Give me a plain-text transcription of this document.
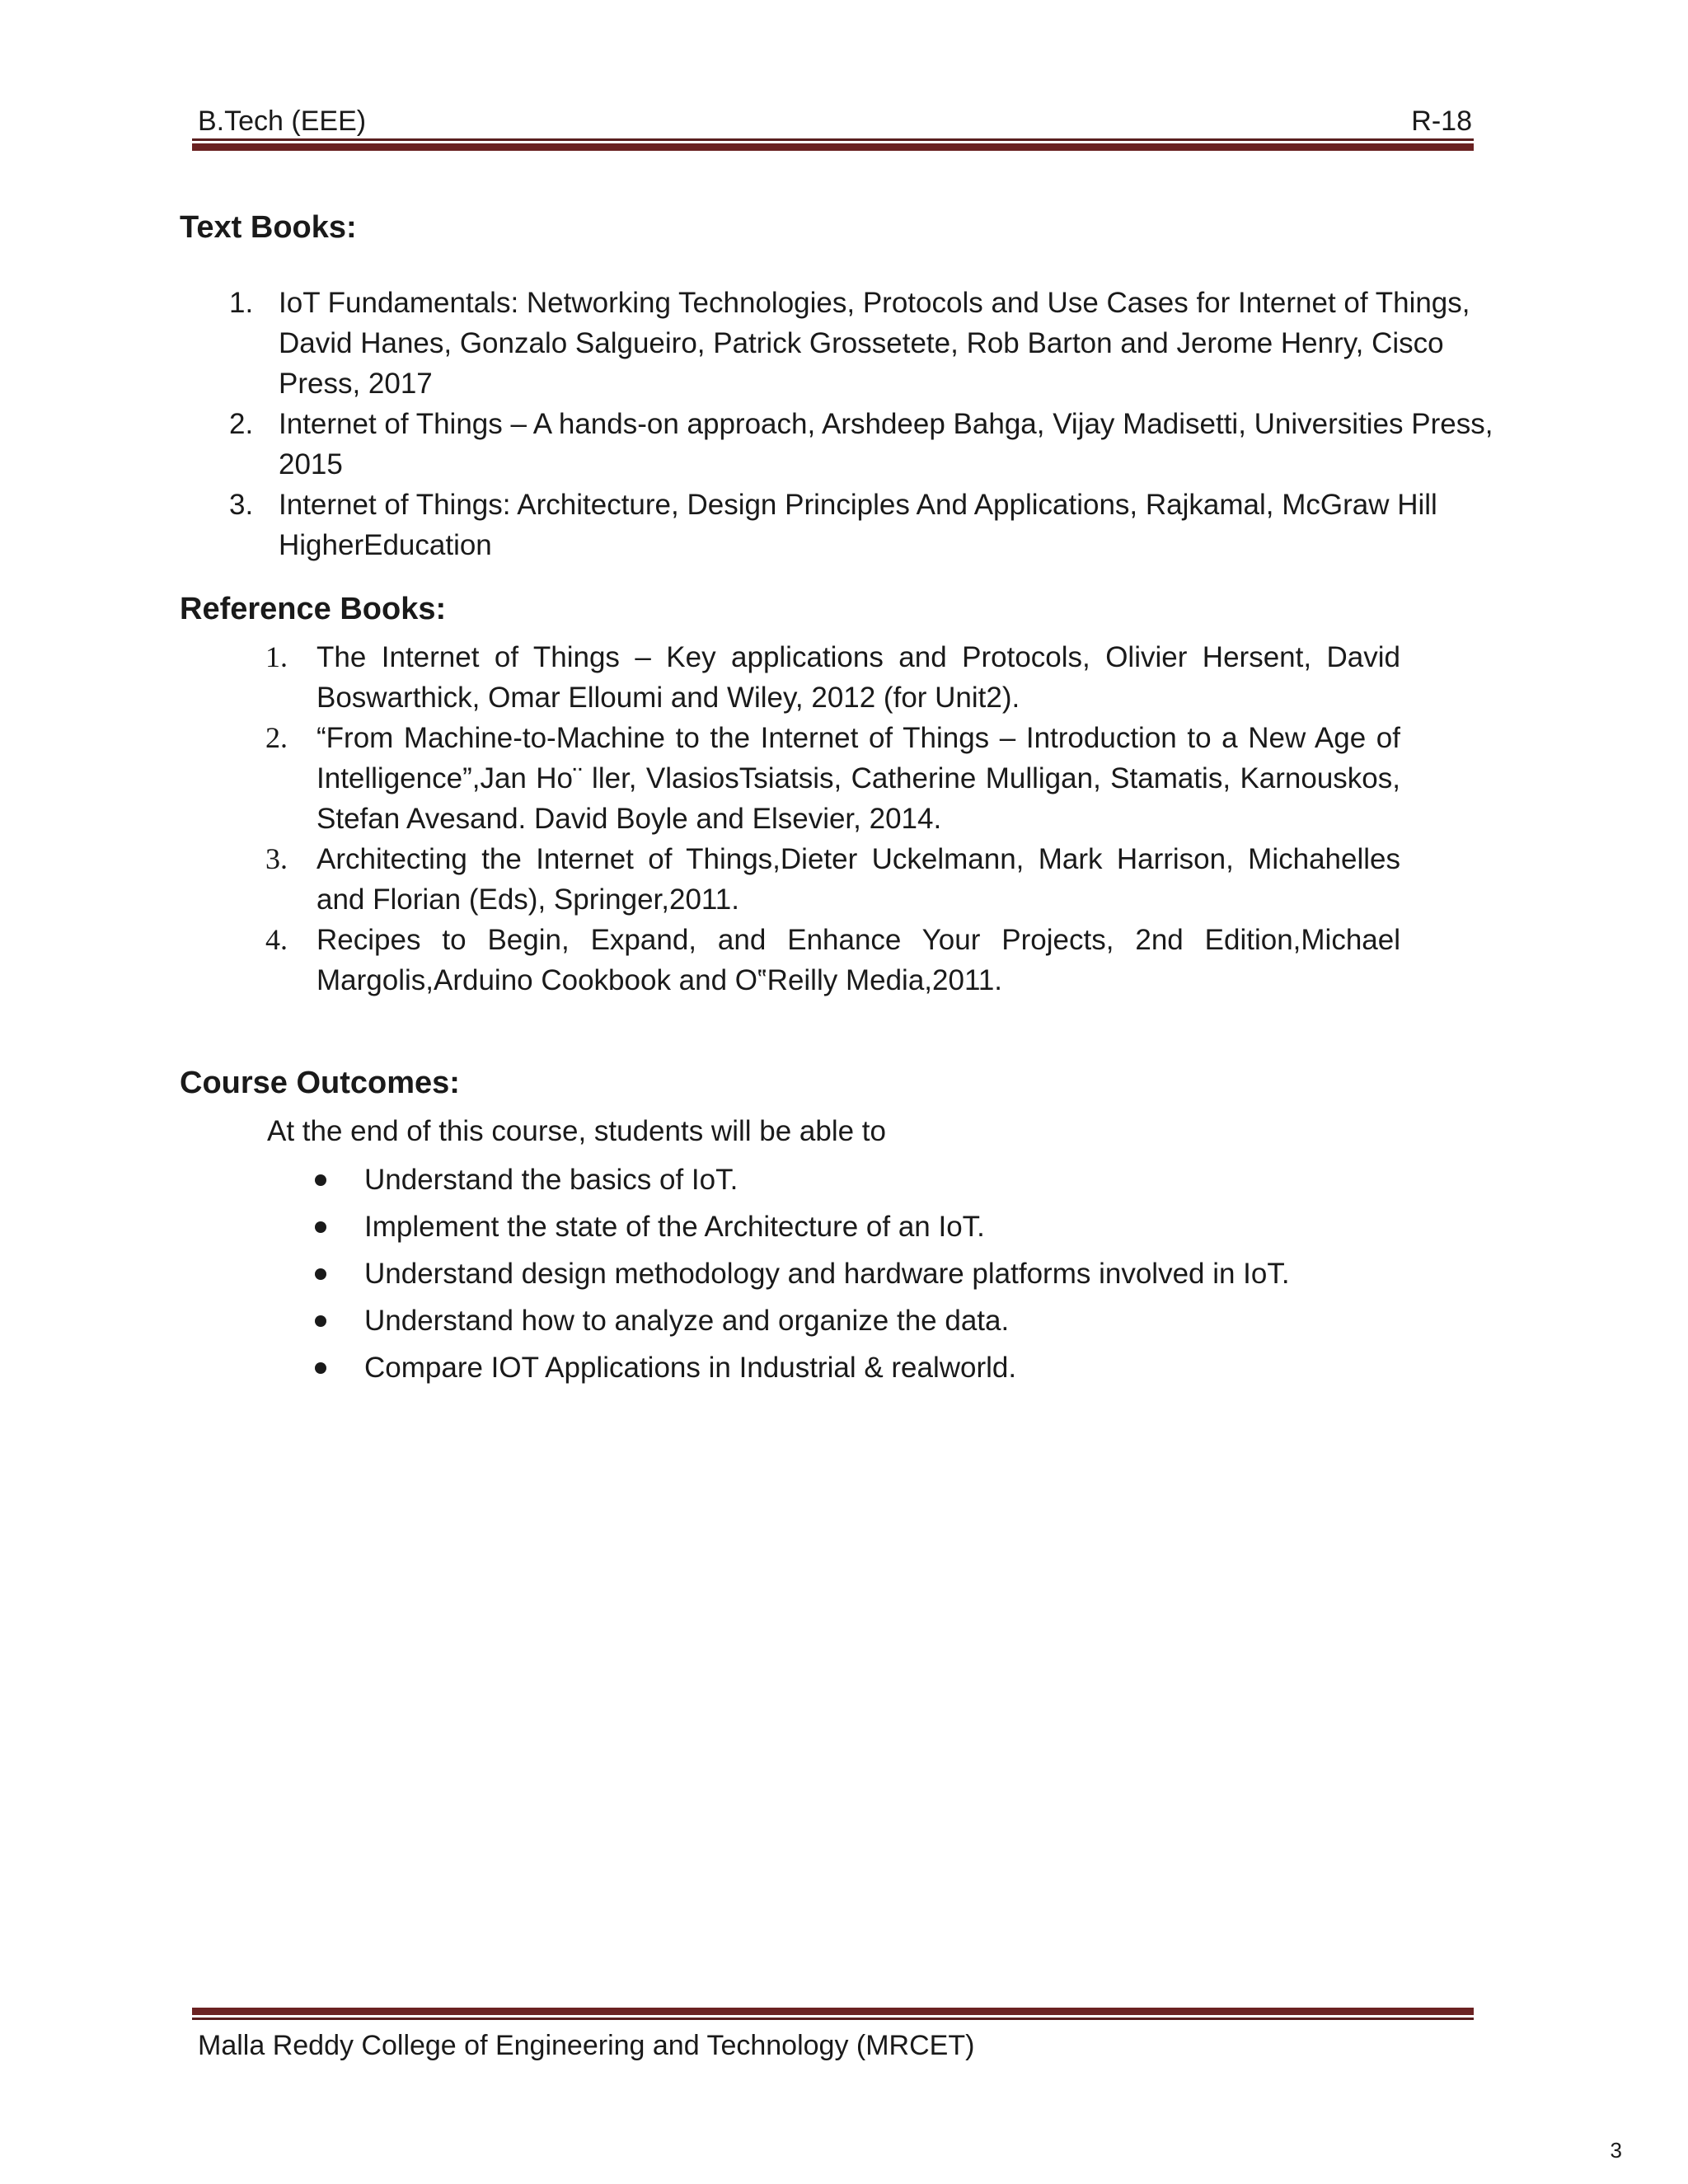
B.Tech (EEE)	R-18
Text Books:
1. IoT Fundamentals: Networking Technologies, Protocols and Use Cases for Internet of Things, David Hanes, Gonzalo Salgueiro, Patrick Grossetete, Rob Barton and Jerome Henry, Cisco Press, 2017
2. Internet of Things – A hands-on approach, Arshdeep Bahga, Vijay Madisetti, Universities Press, 2015
3. Internet of Things: Architecture, Design Principles And Applications, Rajkamal, McGraw Hill HigherEducation
Reference Books:
1. The Internet of Things – Key applications and Protocols, Olivier Hersent, David Boswarthick, Omar Elloumi and Wiley, 2012 (for Unit2).
2. “From Machine-to-Machine to the Internet of Things – Introduction to a New Age of Intelligence”,Jan Ho¨ ller, VlasiosTsiatsis, Catherine Mulligan, Stamatis, Karnouskos, Stefan Avesand. David Boyle and Elsevier, 2014.
3. Architecting the Internet of Things,Dieter Uckelmann, Mark Harrison, Michahelles and Florian (Eds), Springer,2011.
4. Recipes to Begin, Expand, and Enhance Your Projects, 2nd Edition,Michael Margolis,Arduino Cookbook and O‟Reilly Media,2011.
Course Outcomes:
At the end of this course, students will be able to
Understand the basics of IoT.
Implement the state of the Architecture of an IoT.
Understand design methodology and hardware platforms involved in IoT.
Understand how to analyze and organize the data.
Compare IOT Applications in Industrial & realworld.
Malla Reddy College of Engineering and Technology (MRCET)
3
